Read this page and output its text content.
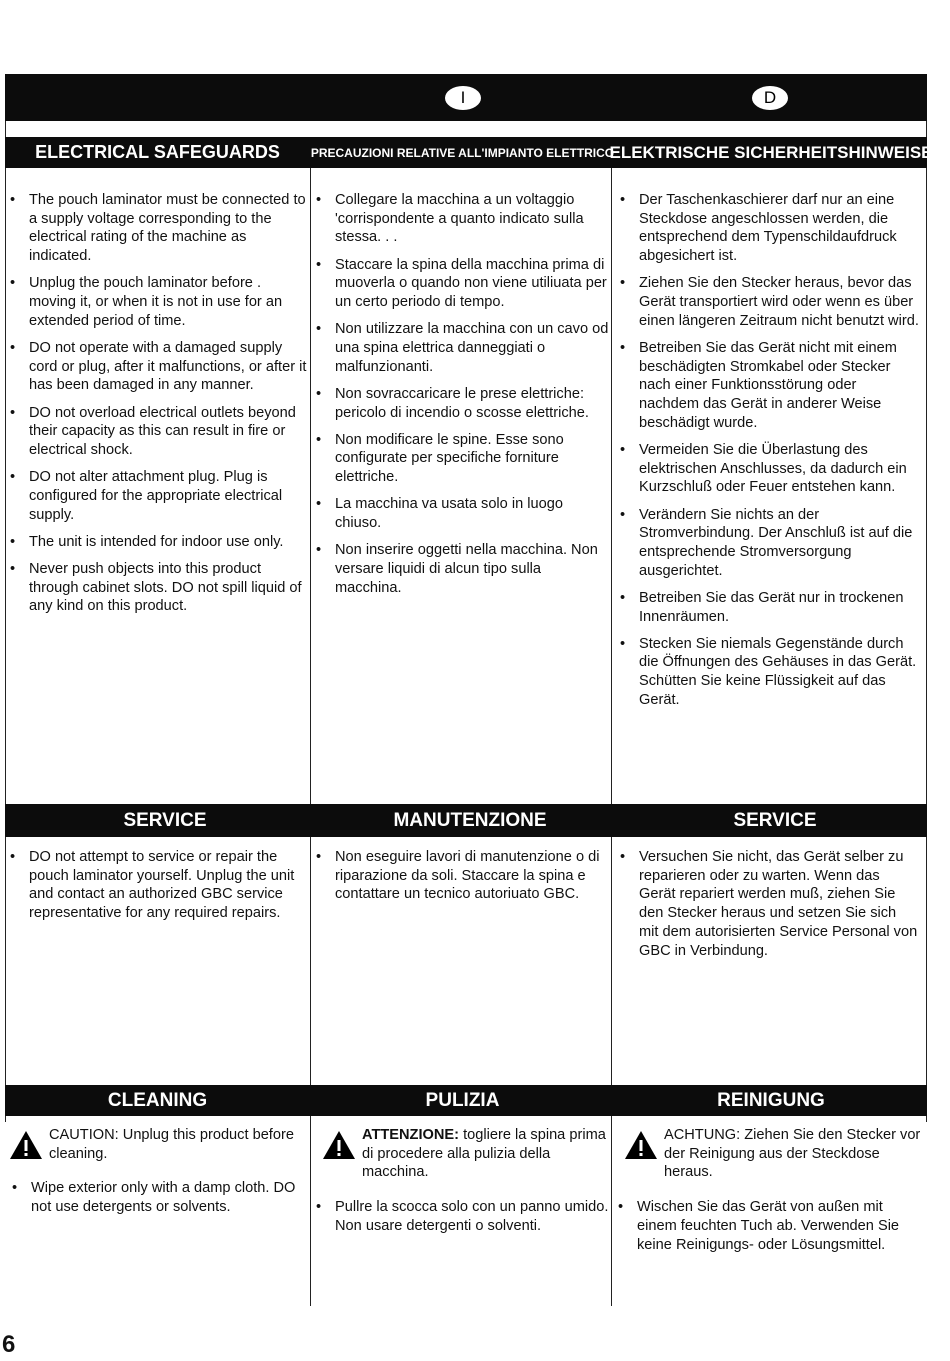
I	D
ELECTRICAL SAFEGUARDS	PRECAUZIONI RELATIVE ALL'IMPIANTO ELETTRICO
ELEKTRISCHE SICHERHEITSHINWEISE
• The pouch laminator must be connected to a supply voltage corresponding to the electrical rating of the machine as indicated.
• Unplug the pouch laminator before . moving it, or when it is not in use for an extended period of time.
• DO not operate with a damaged supply cord or plug, after it malfunctions, or after it has been damaged in any manner.
• DO not overload electrical outlets beyond their capacity as this can result in fire or electrical shock.
• DO not alter attachment plug. Plug is configured for the appropriate electrical supply.
• The unit is intended for indoor use only.
• Never push objects into this product through cabinet slots. DO not spill liquid of any kind on this product.
• Collegare la macchina a un voltaggio 'corrispondente a quanto indicato sulla stessa. . .
• Staccare la spina della macchina prima di muoverla o quando non viene utiliuata per un certo periodo di tempo.
• Non utilizzare la macchina con un cavo od una spina elettrica danneggiati o malfunzionanti.
• Non sovraccaricare le prese elettriche: pericolo di incendio o scosse elettriche.
• Non modificare le spine. Esse sono configurate per specifiche forniture elettriche.
• La macchina va usata solo in luogo chiuso.
• Non inserire oggetti nella macchina. Non versare liquidi di alcun tipo sulla macchina.
• Der Taschenkaschierer darf nur an eine Steckdose angeschlossen werden, die entsprechend dem Typenschildaufdruck abgesichert ist.
• Ziehen Sie den Stecker heraus, bevor das Gerät transportiert wird oder wenn es über einen längeren Zeitraum nicht benutzt wird.
• Betreiben Sie das Gerät nicht mit einem beschädigten Stromkabel oder Stecker nach einer Funktionsstörung oder nachdem das Gerät in anderer Weise beschädigt wurde.
• Vermeiden Sie die Überlastung des elektrischen Anschlusses, da dadurch ein Kurzschluß oder Feuer entstehen kann.
• Verändern Sie nichts an der Stromverbindung. Der Anschluß ist auf die entsprechende Stromversorgung ausgerichtet.
• Betreiben Sie das Gerät nur in trockenen Innenräumen.
• Stecken Sie niemals Gegenstände durch die Öffnungen des Gehäuses in das Gerät. Schütten Sie keine Flüssigkeit auf das Gerät.
SERVICE	MANUTENZIONE	SERVICE
• DO not attempt to service or repair the pouch laminator yourself. Unplug the unit and contact an authorized GBC service representative for any required repairs.
• Non eseguire lavori di manutenzione o di riparazione da soli. Staccare la spina e contattare un tecnico autoriuato GBC.
• Versuchen Sie nicht, das Gerät selber zu reparieren oder zu warten. Wenn das Gerät repariert werden muß, ziehen Sie den Stecker heraus und setzen Sie sich mit dem autorisierten Service Personal von GBC in Verbindung.
CLEANING	PULIZIA	REINIGUNG
CAUTION: Unplug this product before cleaning.
• Wipe exterior only with a damp cloth. DO not use detergents or solvents.
ATTENZIONE: togliere la spina prima di procedere alla pulizia della macchina.
• Pullre la scocca solo con un panno umido. Non usare detergenti o solventi.
ACHTUNG: Ziehen Sie den Stecker vor der Reinigung aus der Steckdose heraus.
• Wischen Sie das Gerät von außen mit einem feuchten Tuch ab. Verwenden Sie keine Reinigungs- oder Lösungsmittel.
6
